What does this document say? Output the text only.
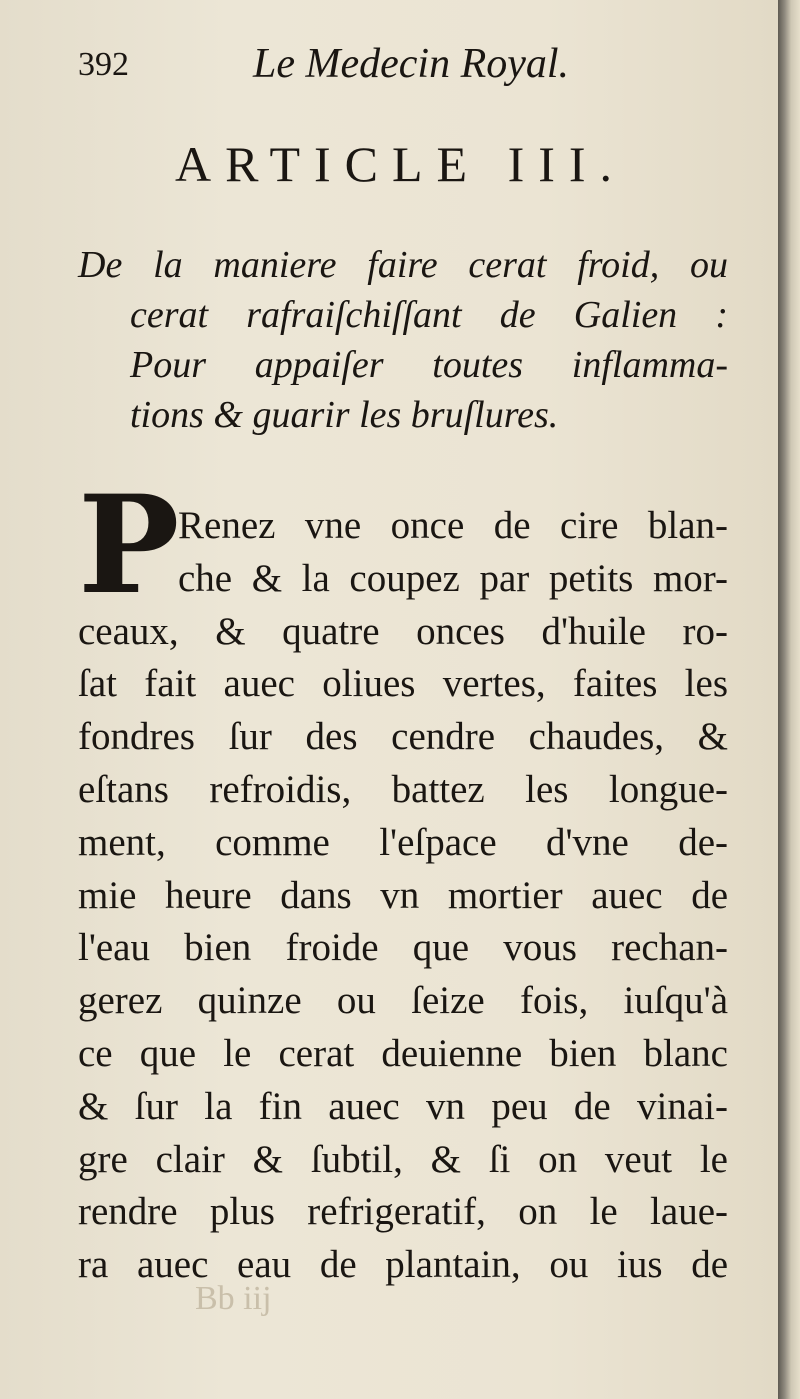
392	Le Medecin Royal.
ARTICLE III.
De la maniere faire cerat froid, ou
cerat rafraiſchiſſant de Galien :
Pour appaiſer toutes inflamma-
tions & guarir les bruſlures.
P
Renez vne once de cire blan-
che & la coupez par petits mor-
ceaux, & quatre onces d'huile ro-
ſat fait auec oliues vertes, faites les
fondres ſur des cendre chaudes, &
eſtans refroidis, battez les longue-
ment, comme l'eſpace d'vne de-
mie heure dans vn mortier auec de
l'eau bien froide que vous rechan-
gerez quinze ou ſeize fois, iuſqu'à
ce que le cerat deuienne bien blanc
& ſur la fin auec vn peu de vinai-
gre clair & ſubtil, & ſi on veut le
rendre plus refrigeratif, on le laue-
ra auec eau de plantain, ou ius de
Bb iij
